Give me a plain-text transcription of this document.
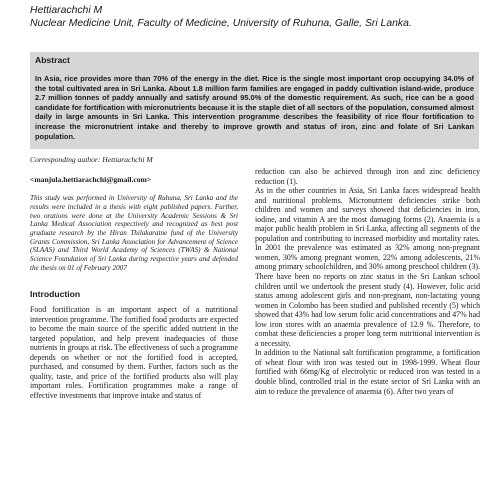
Hettiarachchi M
Nuclear Medicine Unit, Faculty of Medicine, University of Ruhuna, Galle, Sri Lanka.
Abstract
In Asia, rice provides more than 70% of the energy in the diet. Rice is the single most important crop occupying 34.0% of the total cultivated area in Sri Lanka. About 1.8 million farm families are engaged in paddy cultivation island-wide, produce 2.7 million tonnes of paddy annually and satisfy around 95.0% of the domestic requirement. As such, rice can be a good candidate for fortification with micronutrients because it is the staple diet of all sectors of the population, consumed almost daily in large amounts in Sri Lanka. This intervention programme describes the feasibility of rice flour fortification to increase the micronutrient intake and thereby to improve growth and status of iron, zinc and folate of Sri Lankan population.
Corresponding author: Hettiarachchi M
<manjula.hettiarachchi@gmail.com>
This study was performed in University of Ruhuna, Sri Lanka and the results were included in a thesis with eight published papers. Further, two orations were done at the University Academic Sessions & Sri Lanka Medical Association respectively and recognized as best post graduate research by the Hiran Thilakaratne fund of the University Grants Commission, Sri Lanka Association for Advancement of Science (SLAAS) and Third World Academy of Sciences (TWAS) & National Science Foundation of Sri Lanka during respective years and defended the thesis on 01 of February 2007
Introduction
Food fortification is an important aspect of a nutritional intervention programme. The fortified food products are expected to become the main source of the specific added nutrient in the targeted population, and help prevent inadequacies of those nutrients in groups at risk. The effectiveness of such a programme depends on whether or not the fortified food is accepted, purchased, and consumed by them. Further, factors such as the quality, taste, and price of the fortified products also will play important roles. Fortification programmes make a range of effective investments that improve intake and status of

reduction can also be achieved through iron and zinc deficiency reduction (1).

As in the other countries in Asia, Sri Lanka faces widespread health and nutritional problems. Micronutrient deficiencies strike both children and women and surveys showed that deficiencies in iron, iodine, and vitamin A are the most damaging forms (2). Anaemia is a major public health problem in Sri Lanka, affecting all segments of the population and contributing to increased morbidity and mortality rates. In 2001 the prevalence was estimated as 32% among non-pregnant women, 30% among pregnant women, 22% among adolescents, 21% among primary schoolchildren, and 30% among preschool children (3). There have been no reports on zinc status in the Sri Lankan school children until we undertook the present study (4). However, folic acid status among adolescent girls and non-pregnant, non-lactating young women in Colombo has been studied and published recently (5) which showed that 43% had low serum folic acid concentrations and 47% had low iron stores with an anaemia prevalence of 12.9 %. Therefore, to combat these deficiencies a proper long term nutritional intervention is a necessity.

In addition to the National salt fortification programme, a fortification of wheat flour with iron was tested out in 1998-1999. Wheat flour fortified with 66mg/Kg of electrolytic or reduced iron was tested in a double blind, controlled trial in the estate sector of Sri Lanka with an aim to reduce the prevalence of anaemia (6). After two years of
